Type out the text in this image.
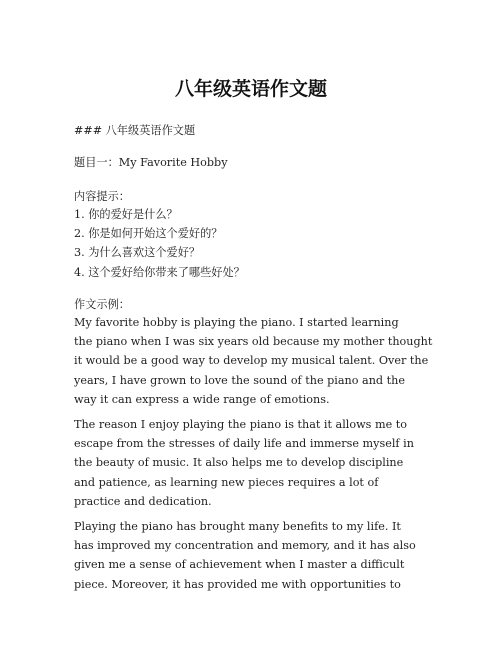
八年级英语作文题
### 八年级英语作文题
题目一：My Favorite Hobby
内容提示：
1. 你的爱好是什么？
2. 你是如何开始这个爱好的？
3. 为什么喜欢这个爱好？
4. 这个爱好给你带来了哪些好处？
作文示例：
My favorite hobby is playing the piano. I started learning
the piano when I was six years old because my mother thought
it would be a good way to develop my musical talent. Over the
years, I have grown to love the sound of the piano and the
way it can express a wide range of emotions.
The reason I enjoy playing the piano is that it allows me to
escape from the stresses of daily life and immerse myself in
the beauty of music. It also helps me to develop discipline
and patience, as learning new pieces requires a lot of
practice and dedication.
Playing the piano has brought many benefits to my life. It
has improved my concentration and memory, and it has also
given me a sense of achievement when I master a difficult
piece. Moreover, it has provided me with opportunities to
